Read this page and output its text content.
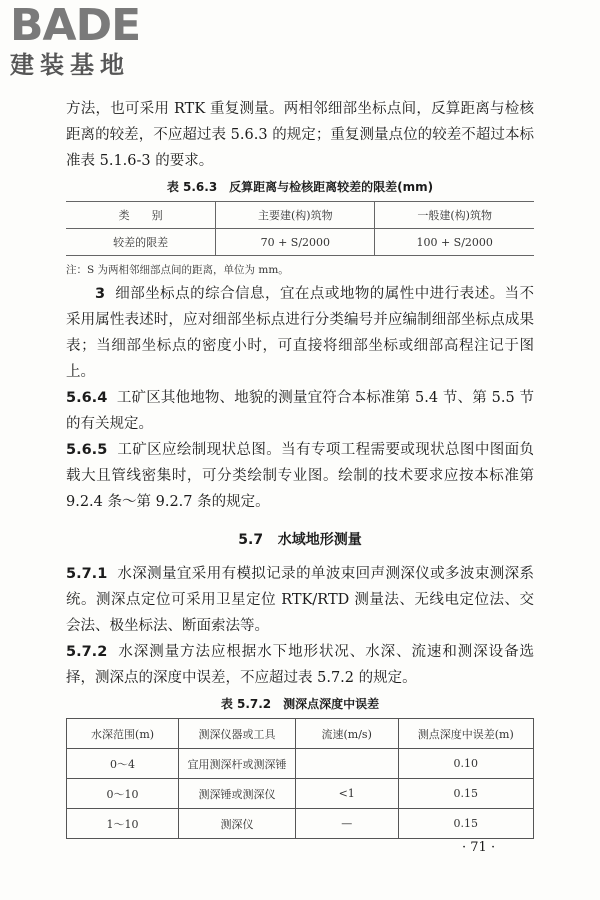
BADE
建装基地

方法，也可采用 RTK 重复测量。两相邻细部坐标点间，反算距离与检核距离的较差，不应超过表 5.6.3 的规定；重复测量点位的较差不超过本标准表 5.1.6-3 的要求。

表 5.6.3　反算距离与检核距离较差的限差(mm)
类　　别	主要建(构)筑物	一般建(构)筑物
较差的限差	70 + S/2000	100 + S/2000
注：S 为两相邻细部点间的距离，单位为 mm。

3 细部坐标点的综合信息，宜在点或地物的属性中进行表述。当不采用属性表述时，应对细部坐标点进行分类编号并应编制细部坐标点成果表；当细部坐标点的密度小时，可直接将细部坐标或细部高程注记于图上。

5.6.4 工矿区其他地物、地貌的测量宜符合本标准第 5.4 节、第 5.5 节的有关规定。

5.6.5 工矿区应绘制现状总图。当有专项工程需要或现状总图中图面负载大且管线密集时，可分类绘制专业图。绘制的技术要求应按本标准第 9.2.4 条～第 9.2.7 条的规定。

5.7 水域地形测量

5.7.1 水深测量宜采用有模拟记录的单波束回声测深仪或多波束测深系统。测深点定位可采用卫星定位 RTK/RTD 测量法、无线电定位法、交会法、极坐标法、断面索法等。

5.7.2 水深测量方法应根据水下地形状况、水深、流速和测深设备选择，测深点的深度中误差，不应超过表 5.7.2 的规定。

表 5.7.2　测深点深度中误差
水深范围(m)	测深仪器或工具	流速(m/s)	测点深度中误差(m)
0～4	宜用测深杆或测深锤		0.10
0～10	测深锤或测深仪	<1	0.15
1～10	测深仪	—	0.15
· 71 ·
